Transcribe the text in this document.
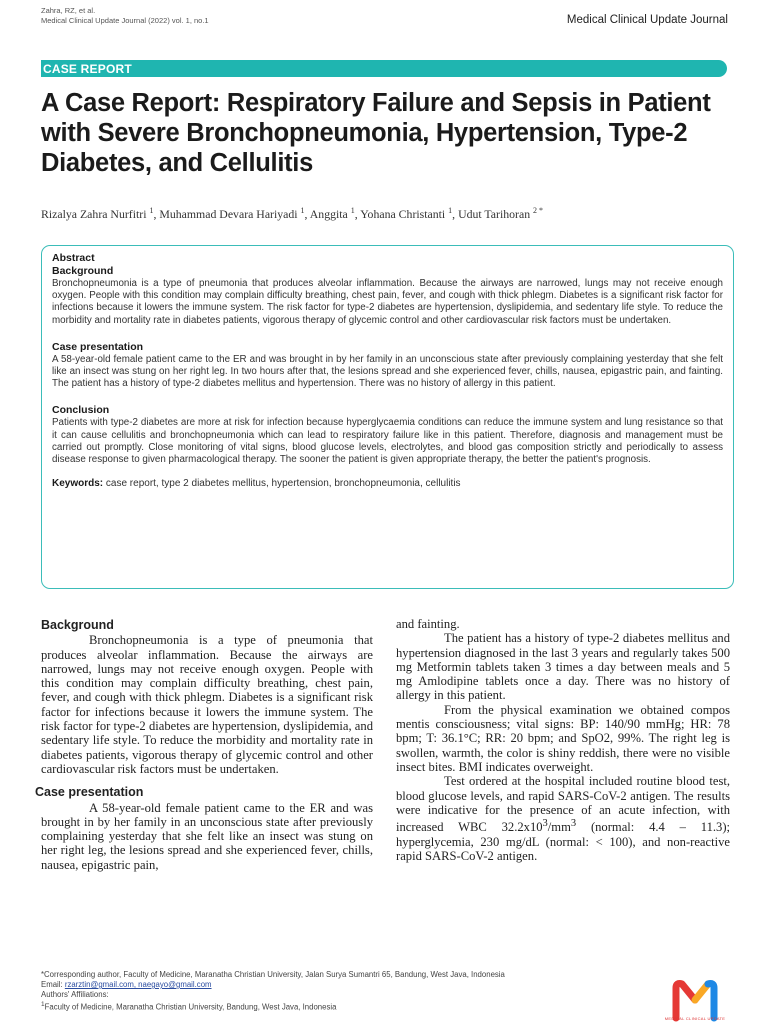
Zahra, RZ, et al.
Medical Clinical Update Journal (2022) vol. 1, no.1	Medical Clinical Update Journal
CASE REPORT
A Case Report: Respiratory Failure and Sepsis in Patient with Severe Bronchopneumonia, Hypertension, Type-2 Diabetes, and Cellulitis
Rizalya Zahra Nurfitri $^1$, Muhammad Devara Hariyadi $^1$, Anggita $^1$, Yohana Christanti $^1$, Udut Tarihoran $^{2 *}$
Abstract
Background

Bronchopneumonia is a type of pneumonia that produces alveolar inflammation. Because the airways are narrowed, lungs may not receive enough oxygen. People with this condition may complain difficulty breathing, chest pain, fever, and cough with thick phlegm. Diabetes is a significant risk factor for infections because it lowers the immune system. The risk factor for type-2 diabetes are hypertension, dyslipidemia, and sedentary life style. To reduce the morbidity and mortality rate in diabetes patients, vigorous therapy of glycemic control and other cardiovascular risk factors must be undertaken.

Case presentation

A 58-year-old female patient came to the ER and was brought in by her family in an unconscious state after previously complaining yesterday that she felt like an insect was stung on her right leg. In two hours after that, the lesions spread and she experienced fever, chills, nausea, epigastric pain, and fainting. The patient has a history of type-2 diabetes mellitus and hypertension. There was no history of allergy in this patient.

Conclusion

Patients with type-2 diabetes are more at risk for infection because hyperglycaemia conditions can reduce the immune system and lung resistance so that it can cause cellulitis and bronchopneumonia which can lead to respiratory failure like in this patient. Therefore, diagnosis and management must be carried out promptly. Close monitoring of vital signs, blood glucose levels, electrolytes, and blood gas composition strictly and periodically to assess disease response to given pharmacological therapy. The sooner the patient is given appropriate therapy, the better the patient's prognosis.

Keywords: case report, type 2 diabetes mellitus, hypertension, bronchopneumonia, cellulitis
Background

Bronchopneumonia is a type of pneumonia that produces alveolar inflammation. Because the airways are narrowed, lungs may not receive enough oxygen. People with this condition may complain difficulty breathing, chest pain, fever, and cough with thick phlegm. Diabetes is a significant risk factor for infections because it lowers the immune system. The risk factor for type-2 diabetes are hypertension, dyslipidemia, and sedentary life style. To reduce the morbidity and mortality rate in diabetes patients, vigorous therapy of glycemic control and other cardiovascular risk factors must be undertaken.

Case presentation

A 58-year-old female patient came to the ER and was brought in by her family in an unconscious state after previously complaining yesterday that she felt like an insect was stung on her right leg, the lesions spread and she experienced fever, chills, nausea, epigastric pain,

and fainting.

The patient has a history of type-2 diabetes mellitus and hypertension diagnosed in the last 3 years and regularly takes 500 mg Metformin tablets taken 3 times a day between meals and 5 mg Amlodipine tablets once a day. There was no history of allergy in this patient.

From the physical examination we obtained compos mentis consciousness; vital signs: BP: 140/90 mmHg; HR: 78 bpm; T: 36.1°C; RR: 20 bpm; and SpO2, 99%. The right leg is swollen, warmth, the color is shiny reddish, there were no visible insect bites. BMI indicates overweight.

Test ordered at the hospital included routine blood test, blood glucose levels, and rapid SARS-CoV-2 antigen. The results were indicative for the presence of an acute infection, with increased WBC $32.2x10^3/mm^3$ (normal: 4.4 – 11.3); hyperglycemia, 230 mg/dL (normal: < 100), and non-reactive rapid SARS-CoV-2 antigen.

*Corresponding author, Faculty of Medicine, Maranatha Christian University, Jalan Surya Sumantri 65, Bandung, West Java, Indonesia
Email: rzarztin@gmail.com, naegayo@gmail.com
Authors' Affiliations:
$^1$Faculty of Medicine, Maranatha Christian University, Bandung, West Java, Indonesia
MEDICAL CLINICAL UPDATE
